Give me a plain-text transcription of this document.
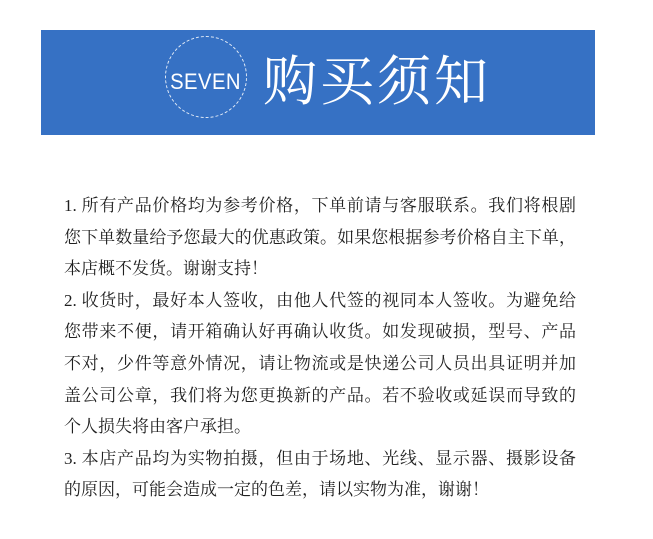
SEVEN 购买须知
1. 所有产品价格均为参考价格，下单前请与客服联系。我们将根剧
您下单数量给予您最大的优惠政策。如果您根据参考价格自主下单，
本店概不发货。谢谢支持！
2. 收货时，最好本人签收，由他人代签的视同本人签收。为避免给
您带来不便，请开箱确认好再确认收货。如发现破损，型号、产品
不对，少件等意外情况，请让物流或是快递公司人员出具证明并加
盖公司公章，我们将为您更换新的产品。若不验收或延误而导致的
个人损失将由客户承担。
3. 本店产品均为实物拍摄，但由于场地、光线、显示器、摄影设备
的原因，可能会造成一定的色差，请以实物为准，谢谢！
